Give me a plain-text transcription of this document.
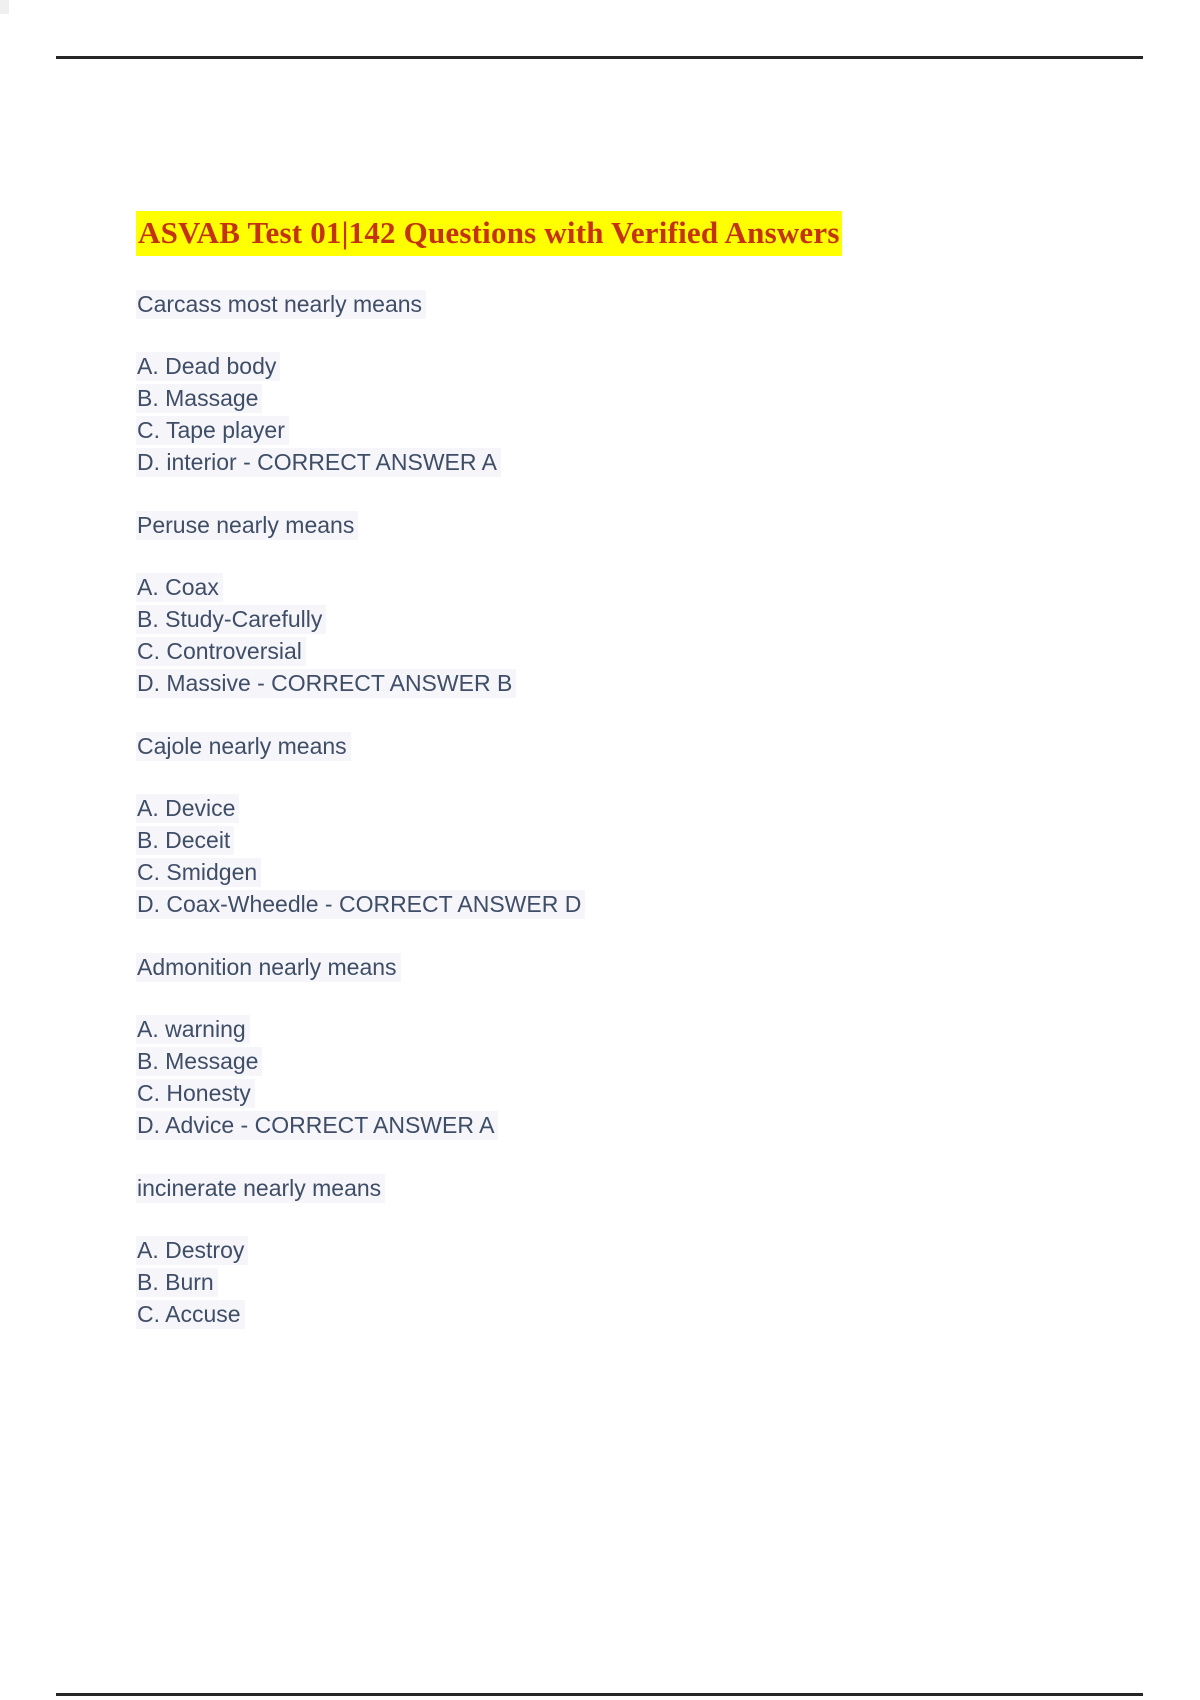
ASVAB Test 01|142 Questions with Verified Answers
Carcass most nearly means
A. Dead body
B. Massage
C. Tape player
D. interior - CORRECT ANSWER A
Peruse nearly means
A. Coax
B. Study-Carefully
C. Controversial
D. Massive - CORRECT ANSWER B
Cajole nearly means
A. Device
B. Deceit
C. Smidgen
D. Coax-Wheedle - CORRECT ANSWER D
Admonition nearly means
A. warning
B. Message
C. Honesty
D. Advice - CORRECT ANSWER A
incinerate nearly means
A. Destroy
B. Burn
C. Accuse
